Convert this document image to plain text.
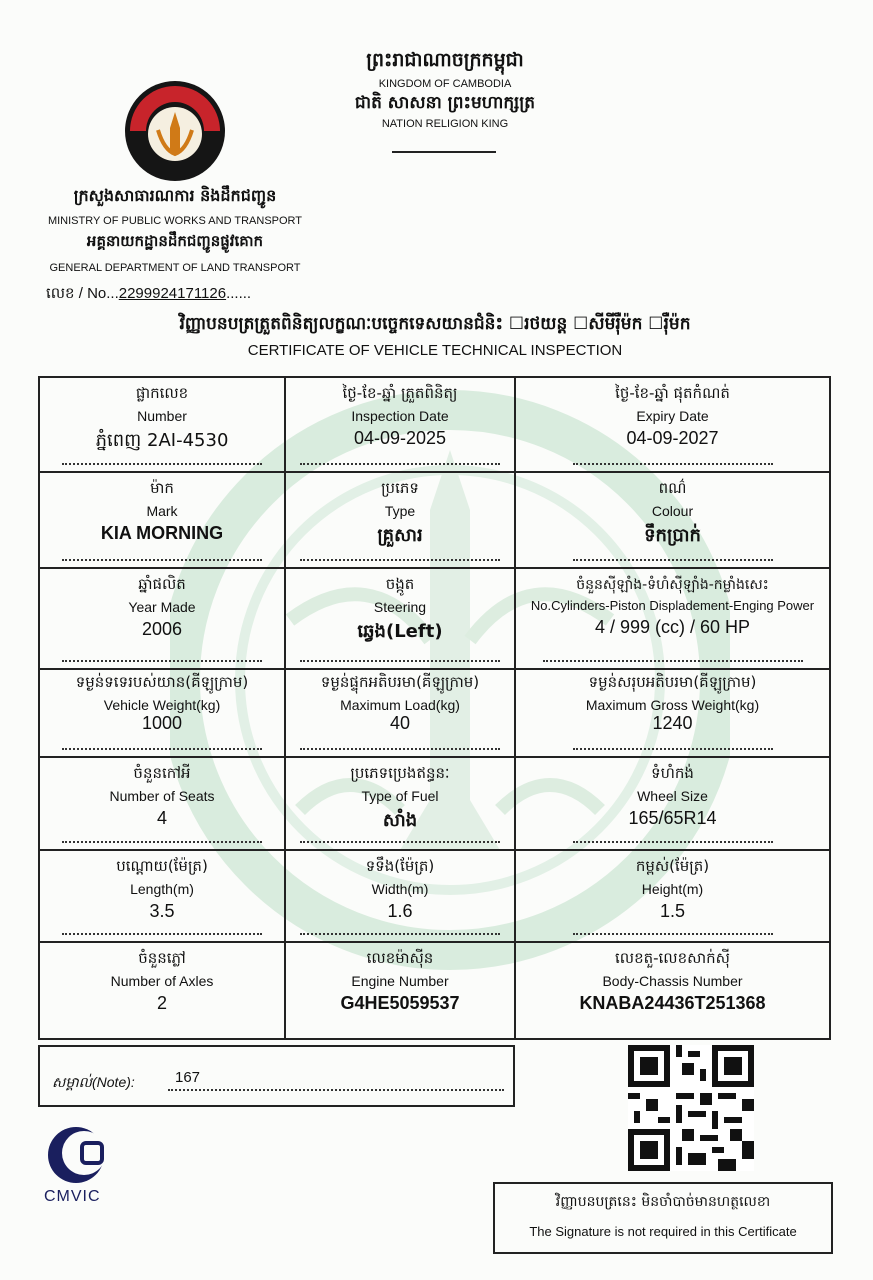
ព្រះរាជាណាចក្រកម្ពុជា
KINGDOM OF CAMBODIA
ជាតិ សាសនា ព្រះមហាក្សត្រ
NATION RELIGION KING
ក្រសួងសាធារណការ និងដឹកជញ្ជូន
MINISTRY OF PUBLIC WORKS AND TRANSPORT
អគ្គនាយកដ្ឋានដឹកជញ្ជូនផ្លូវគោក
GENERAL DEPARTMENT OF LAND TRANSPORT
លេខ / No...2299924171126......
វិញ្ញាបនបត្រត្រួតពិនិត្យលក្ខណៈបច្ចេកទេសយានជំនិះ ☐រថយន្ត ☐សីមីរ៉ឺម៉ក ☐រ៉ឺម៉ក
CERTIFICATE OF VEHICLE TECHNICAL INSPECTION
ផ្លាកលេខ
Number
ភ្នំពេញ 2AI-4530
ថ្ងៃ-ខែ-ឆ្នាំ ត្រួតពិនិត្យ
Inspection Date
04-09-2025
ថ្ងៃ-ខែ-ឆ្នាំ ផុតកំណត់
Expiry Date
04-09-2027
ម៉ាក
Mark
KIA MORNING
ប្រភេទ
Type
គ្រួសារ
ពណ៌
Colour
ទឹកប្រាក់
ឆ្នាំផលិត
Year Made
2006
ចង្កូត
Steering
ឆ្វេង(Left)
ចំនួនស៊ីឡាំង-ទំហំស៊ីឡាំង-កម្លាំងសេះ
No.Cylinders-Piston Displadement-Enging Power
4 / 999 (cc) / 60 HP
ទម្ងន់ទទេរបស់យាន(គីឡូក្រាម)
Vehicle Weight(kg)
1000
ទម្ងន់ផ្ទុកអតិបរមា(គីឡូក្រាម)
Maximum Load(kg)
40
ទម្ងន់សរុបអតិបរមា(គីឡូក្រាម)
Maximum Gross Weight(kg)
1240
ចំនួនកៅអី
Number of Seats
4
ប្រភេទប្រេងឥន្ធនៈ
Type of Fuel
សាំង
ទំហំកង់
Wheel Size
165/65R14
បណ្ដោយ(ម៉ែត្រ)
Length(m)
3.5
ទទឹង(ម៉ែត្រ)
Width(m)
1.6
កម្ពស់(ម៉ែត្រ)
Height(m)
1.5
ចំនួនភ្លៅ
Number of Axles
2
លេខម៉ាស៊ីន
Engine Number
G4HE5059537
លេខតួ-លេខសាក់ស៊ី
Body-Chassis Number
KNABA24436T251368
សម្គាល់(Note):	167
CMVIC	វិញ្ញាបនបត្រនេះ មិនចាំបាច់មានហត្ថលេខា
The Signature is not required in this Certificate
